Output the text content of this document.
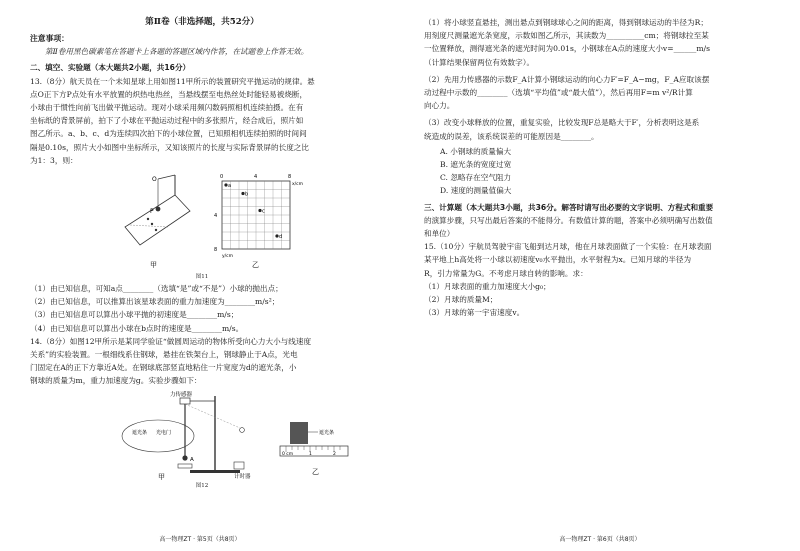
第Ⅱ卷（非选择题，共52分）

注意事项：

第Ⅱ卷用黑色碳素笔在答题卡上各题的答题区域内作答，在试题卷上作答无效。

二、填空、实验题（本大题共2小题，共16分）

13.（8分）航天员在一个未知星球上用如图11甲所示的装置研究平抛运动的规律。悬

点O正下方P点处有水平放置的炽热电热丝，当悬线摆至电热丝处时能轻易被烧断，

小球由于惯性向前飞出做平抛运动。现对小球采用频闪数码照相机连续拍摄。在有

坐标纸的背景屏前，拍下了小球在平抛运动过程中的多张照片，经合成后，照片如

图乙所示。a、b、c、d为连续四次拍下的小球位置，已知照相机连续拍照的时间间

隔是0.10s，照片大小如图中坐标所示，又知该照片的长度与实际背景屏的长度之比

为1：3，则：

O
P
甲
a
b
c
d
0	4	8
4
8
x/cm
y/cm
乙

图11

（1）由已知信息，可知a点________（选填“是”或“不是”）小球的抛出点；

（2）由已知信息，可以推算出该星球表面的重力加速度为________m/s²；

（3）由已知信息可以算出小球平抛的初速度是________m/s；

（4）由已知信息可以算出小球在b点时的速度是________m/s。

14.（8分）如图12甲所示是某同学验证“做圆周运动的物体所受向心力大小与线速度

关系”的实验装置。一根细线系住钢球，悬挂在铁架台上，钢球静止于A点，光电

门固定在A的正下方靠近A处。在钢球底部竖直地粘住一片宽度为d的遮光条，小

钢球的质量为m，重力加速度为g。实验步骤如下：

力传感器
A
计时器
遮光条 光电门
甲
遮光条
0 cm	1	2
乙

图12

高一物理ZT · 第5页（共8页）

（1）将小球竖直悬挂，测出悬点到钢球球心之间的距离，得到钢球运动的半径为R；

用刻度尺测量遮光条宽度，示数如图乙所示，其读数为__________cm；将钢球拉至某

一位置释放，测得遮光条的遮光时间为0.01s，小钢球在A点的速度大小v=______m/s

（计算结果保留两位有效数字）。

（2）先用力传感器的示数F_A计算小钢球运动的向心力F′=F_A−mg，F_A应取该摆

动过程中示数的________（选填“平均值”或“最大值”），然后再用F=m v²/R计算

向心力。

（3）改变小球释放的位置，重复实验，比较发现F总是略大于F′，分析表明这是系

统造成的误差，该系统误差的可能原因是________。

A. 小钢球的质量偏大

B. 遮光条的宽度过宽

C. 忽略存在空气阻力

D. 速度的测量值偏大

三、计算题（本大题共3小题，共36分。解答时请写出必要的文字说明、方程式和重要

的演算步骤，只写出最后答案的不能得分。有数值计算的题，答案中必须明确写出数值

和单位）

15.（10分）宇航员驾驶宇宙飞船到达月球，他在月球表面做了一个实验：在月球表面

某平地上h高处将一小球以初速度v₀水平抛出，水平射程为x。已知月球的半径为

R，引力常量为G。不考虑月球自转的影响。求：

（1）月球表面的重力加速度大小g₀；

（2）月球的质量M；

（3）月球的第一宇宙速度v。

高一物理ZT · 第6页（共8页）
